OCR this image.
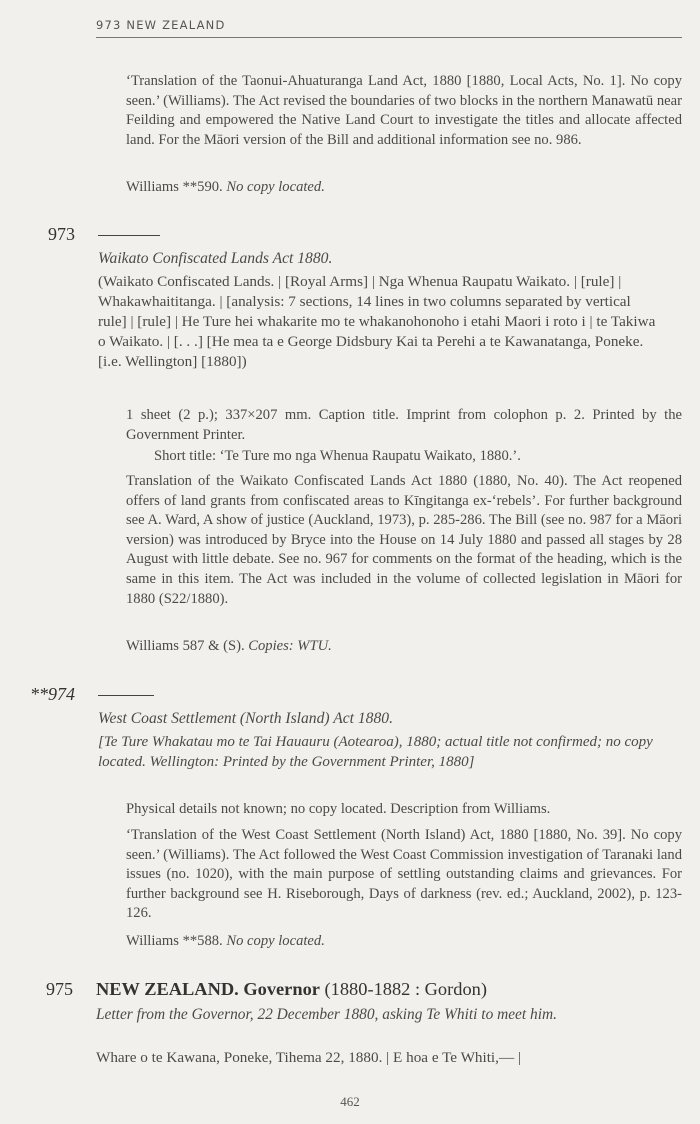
973 NEW ZEALAND

‘Translation of the Taonui-Ahuaturanga Land Act, 1880 [1880, Local Acts, No. 1]. No copy seen.’ (Williams). The Act revised the boundaries of two blocks in the northern Manawatū near Feilding and empowered the Native Land Court to investigate the titles and allocate affected land. For the Māori version of the Bill and additional information see no. 986.

Williams **590. No copy located.
973
Waikato Confiscated Lands Act 1880.

(Waikato Confiscated Lands. | [Royal Arms] | Nga Whenua Raupatu Waikato. | [rule] | Whakawhaititanga. | [analysis: 7 sections, 14 lines in two columns separated by vertical rule] | [rule] | He Ture hei whakarite mo te whakanohonoho i etahi Maori i roto i | te Takiwa o Waikato. | [. . .] [He mea ta e George Didsbury Kai ta Perehi a te Kawanatanga, Poneke. [i.e. Wellington] [1880])

1 sheet (2 p.); 337×207 mm. Caption title. Imprint from colophon p. 2. Printed by the Government Printer.

Short title: ‘Te Ture mo nga Whenua Raupatu Waikato, 1880.’.

Translation of the Waikato Confiscated Lands Act 1880 (1880, No. 40). The Act reopened offers of land grants from confiscated areas to Kīngitanga ex-‘rebels’. For further background see A. Ward, A show of justice (Auckland, 1973), p. 285-286. The Bill (see no. 987 for a Māori version) was introduced by Bryce into the House on 14 July 1880 and passed all stages by 28 August with little debate. See no. 967 for comments on the format of the heading, which is the same in this item. The Act was included in the volume of collected legislation in Māori for 1880 (S22/1880).

Williams 587 & (S). Copies: WTU.
**974
West Coast Settlement (North Island) Act 1880.

[Te Ture Whakatau mo te Tai Hauauru (Aotearoa), 1880; actual title not confirmed; no copy located. Wellington: Printed by the Government Printer, 1880]

Physical details not known; no copy located. Description from Williams.

‘Translation of the West Coast Settlement (North Island) Act, 1880 [1880, No. 39]. No copy seen.’ (Williams). The Act followed the West Coast Commission investigation of Taranaki land issues (no. 1020), with the main purpose of settling outstanding claims and grievances. For further background see H. Riseborough, Days of darkness (rev. ed.; Auckland, 2002), p. 123-126.

Williams **588. No copy located.
975 NEW ZEALAND. Governor (1880-1882 : Gordon)

Letter from the Governor, 22 December 1880, asking Te Whiti to meet him.

Whare o te Kawana, Poneke, Tihema 22, 1880. | E hoa e Te Whiti,— |

462
